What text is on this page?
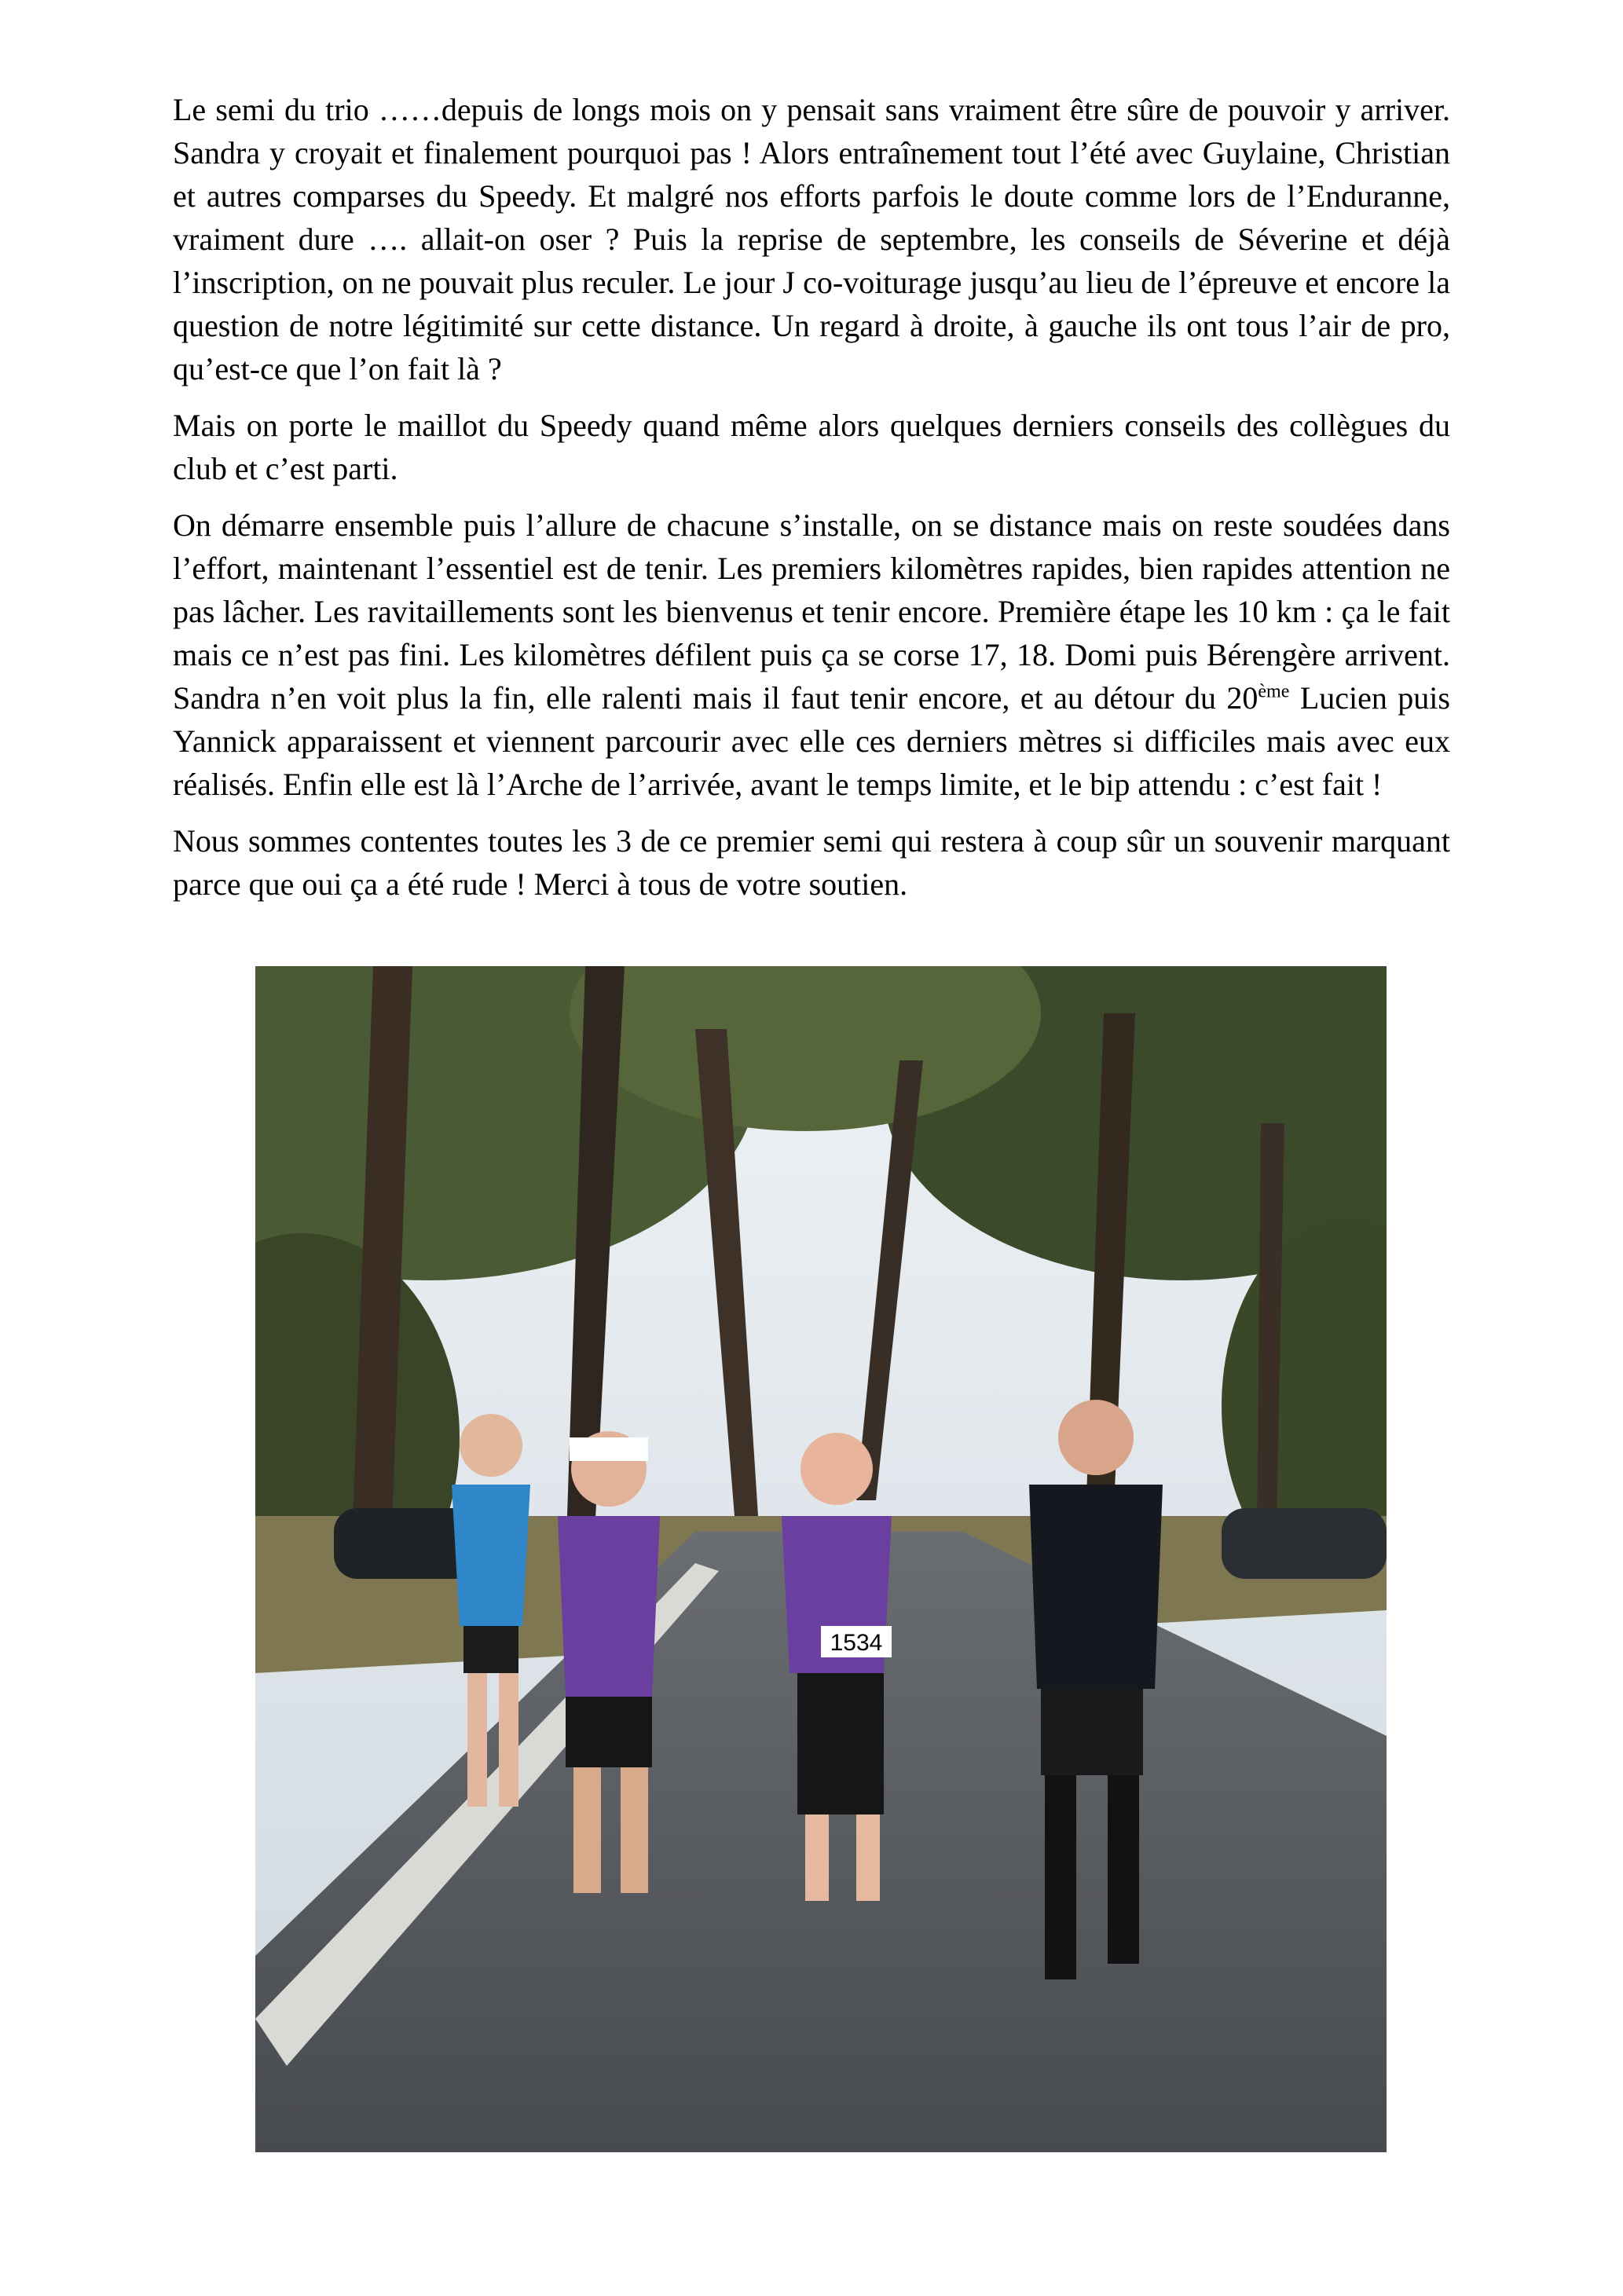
Le semi du trio ……depuis de longs mois on y pensait sans vraiment être sûre de pouvoir y arriver. Sandra y croyait et finalement pourquoi pas ! Alors entraînement tout l’été avec Guylaine, Christian et autres comparses du Speedy. Et malgré nos efforts parfois le doute comme lors de l’Enduranne, vraiment dure …. allait-on oser ? Puis la reprise de septembre, les conseils de Séverine et déjà l’inscription, on ne pouvait plus reculer. Le jour J co-voiturage jusqu’au lieu de l’épreuve et encore la question de notre légitimité sur cette distance. Un regard à droite, à gauche ils ont tous l’air de pro, qu’est-ce que l’on fait là ?

Mais on porte le maillot du Speedy quand même alors quelques derniers conseils des collègues du club et c’est parti.

On démarre ensemble puis l’allure de chacune s’installe, on se distance mais on reste soudées dans l’effort, maintenant l’essentiel est de tenir. Les premiers kilomètres rapides, bien rapides attention ne pas lâcher. Les ravitaillements sont les bienvenus et tenir encore. Première étape les 10 km : ça le fait mais ce n’est pas fini. Les kilomètres défilent puis ça se corse 17, 18. Domi puis Bérengère arrivent. Sandra n’en voit plus la fin, elle ralenti mais il faut tenir encore, et au détour du 20ème Lucien puis Yannick apparaissent et viennent parcourir avec elle ces derniers mètres si difficiles mais avec eux réalisés. Enfin elle est là l’Arche de l’arrivée, avant le temps limite, et le bip attendu : c’est fait !

Nous sommes contentes toutes les 3 de ce premier semi qui restera à coup sûr un souvenir marquant parce que oui ça a été rude ! Merci à tous de votre soutien.

1534
